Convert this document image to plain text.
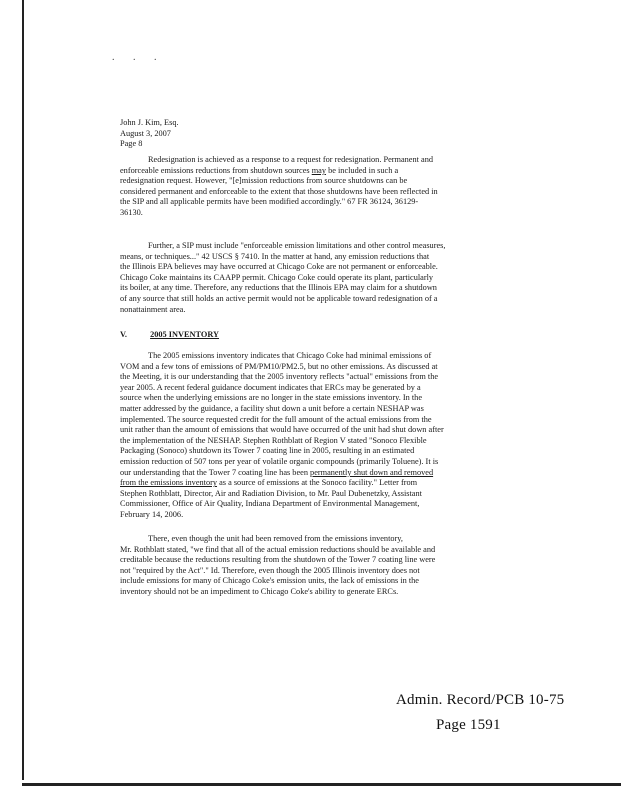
. . .
John J. Kim, Esq.
August 3, 2007
Page 8
Redesignation is achieved as a response to a request for redesignation. Permanent and
enforceable emissions reductions from shutdown sources may be included in such a
redesignation request. However, "[e]mission reductions from source shutdowns can be
considered permanent and enforceable to the extent that those shutdowns have been reflected in
the SIP and all applicable permits have been modified accordingly." 67 FR 36124, 36129-
36130.
Further, a SIP must include "enforceable emission limitations and other control measures,
means, or techniques..." 42 USCS § 7410. In the matter at hand, any emission reductions that
the Illinois EPA believes may have occurred at Chicago Coke are not permanent or enforceable.
Chicago Coke maintains its CAAPP permit. Chicago Coke could operate its plant, particularly
its boiler, at any time. Therefore, any reductions that the Illinois EPA may claim for a shutdown
of any source that still holds an active permit would not be applicable toward redesignation of a
nonattainment area.
V.	2005 INVENTORY
The 2005 emissions inventory indicates that Chicago Coke had minimal emissions of
VOM and a few tons of emissions of PM/PM10/PM2.5, but no other emissions. As discussed at
the Meeting, it is our understanding that the 2005 inventory reflects "actual" emissions from the
year 2005. A recent federal guidance document indicates that ERCs may be generated by a
source when the underlying emissions are no longer in the state emissions inventory. In the
matter addressed by the guidance, a facility shut down a unit before a certain NESHAP was
implemented. The source requested credit for the full amount of the actual emissions from the
unit rather than the amount of emissions that would have occurred of the unit had shut down after
the implementation of the NESHAP. Stephen Rothblatt of Region V stated "Sonoco Flexible
Packaging (Sonoco) shutdown its Tower 7 coating line in 2005, resulting in an estimated
emission reduction of 507 tons per year of volatile organic compounds (primarily Toluene). It is
our understanding that the Tower 7 coating line has been permanently shut down and removed
from the emissions inventory as a source of emissions at the Sonoco facility." Letter from
Stephen Rothblatt, Director, Air and Radiation Division, to Mr. Paul Dubenetzky, Assistant
Commissioner, Office of Air Quality, Indiana Department of Environmental Management,
February 14, 2006.
There, even though the unit had been removed from the emissions inventory,
Mr. Rothblatt stated, "we find that all of the actual emission reductions should be available and
creditable because the reductions resulting from the shutdown of the Tower 7 coating line were
not "required by the Act"." Id. Therefore, even though the 2005 Illinois inventory does not
include emissions for many of Chicago Coke's emission units, the lack of emissions in the
inventory should not be an impediment to Chicago Coke's ability to generate ERCs.
Admin. Record/PCB 10-75
Page 1591
